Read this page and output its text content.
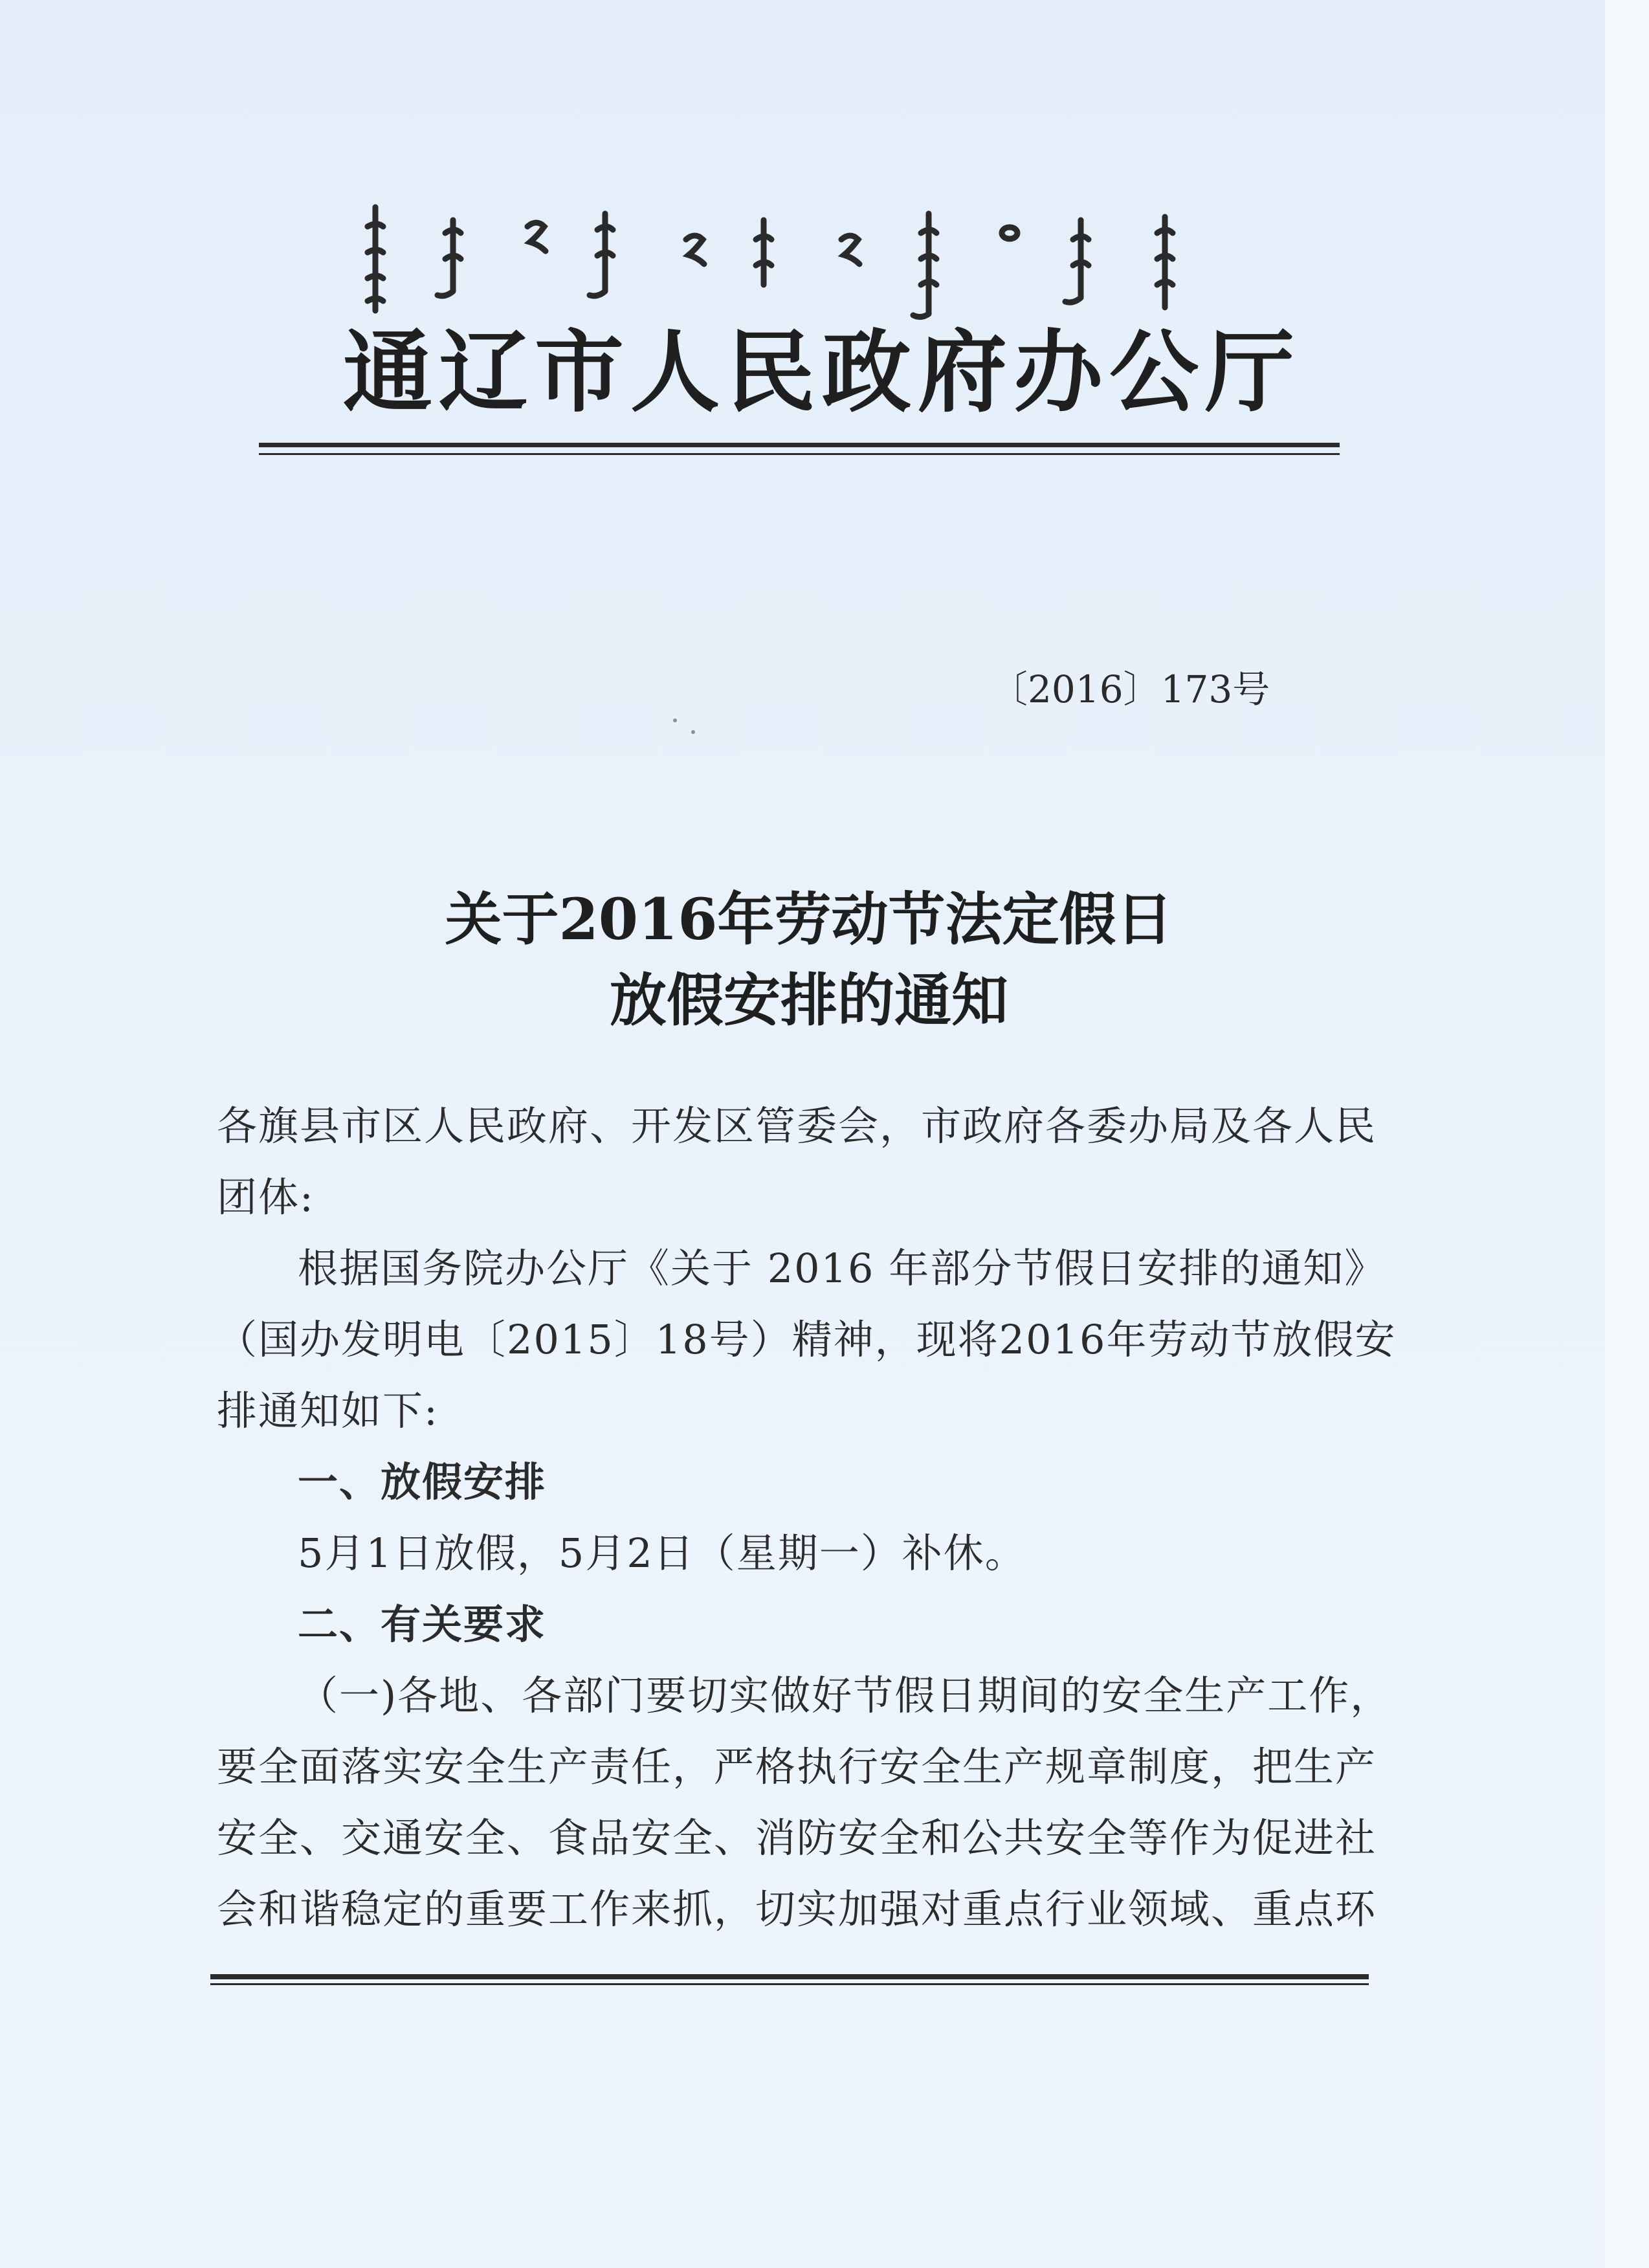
通辽市人民政府办公厅
〔2016〕173号
关于2016年劳动节法定假日
放假安排的通知
各旗县市区人民政府、开发区管委会，市政府各委办局及各人民
团体:
根据国务院办公厅《关于 2016 年部分节假日安排的通知》
（国办发明电〔2015〕18号）精神，现将2016年劳动节放假安
排通知如下:
一、放假安排
5月1日放假，5月2日（星期一）补休。
二、有关要求
（一)各地、各部门要切实做好节假日期间的安全生产工作，
要全面落实安全生产责任，严格执行安全生产规章制度，把生产
安全、交通安全、食品安全、消防安全和公共安全等作为促进社
会和谐稳定的重要工作来抓，切实加强对重点行业领域、重点环
